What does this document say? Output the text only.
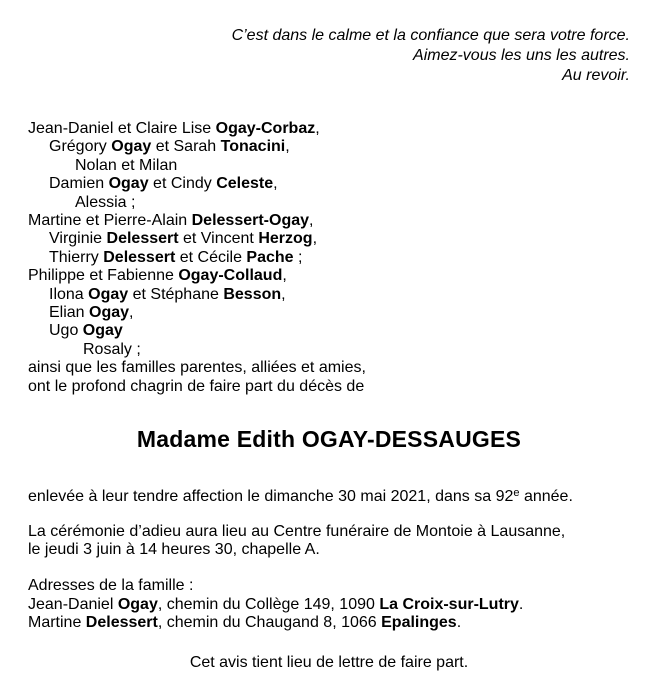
C’est dans le calme et la confiance que sera votre force.
Aimez-vous les uns les autres.
Au revoir.
Jean-Daniel et Claire Lise Ogay-Corbaz,
Grégory Ogay et Sarah Tonacini,
Nolan et Milan
Damien Ogay et Cindy Celeste,
Alessia ;
Martine et Pierre-Alain Delessert-Ogay,
Virginie Delessert et Vincent Herzog,
Thierry Delessert et Cécile Pache ;
Philippe et Fabienne Ogay-Collaud,
Ilona Ogay et Stéphane Besson,
Elian Ogay,
Ugo Ogay
Rosaly ;
ainsi que les familles parentes, alliées et amies,
ont le profond chagrin de faire part du décès de
Madame Edith OGAY-DESSAUGES
enlevée à leur tendre affection le dimanche 30 mai 2021, dans sa 92e année.
La cérémonie d’adieu aura lieu au Centre funéraire de Montoie à Lausanne,
le jeudi 3 juin à 14 heures 30, chapelle A.
Adresses de la famille :
Jean-Daniel Ogay, chemin du Collège 149, 1090 La Croix-sur-Lutry.
Martine Delessert, chemin du Chaugand 8, 1066 Epalinges.
Cet avis tient lieu de lettre de faire part.
